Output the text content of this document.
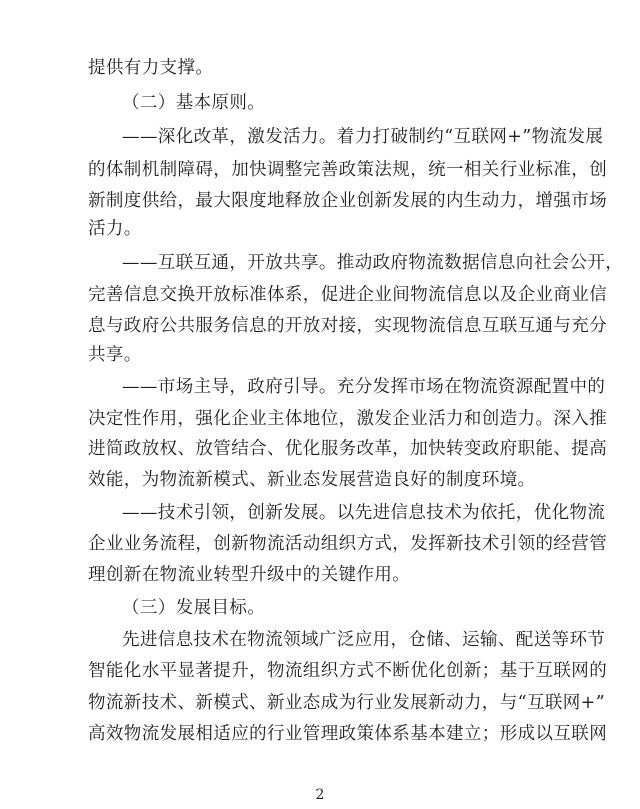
提供有力支撑。
（二）基本原则。
——深化改革，激发活力。着力打破制约“互联网+”物流发展
的体制机制障碍，加快调整完善政策法规，统一相关行业标准，创
新制度供给，最大限度地释放企业创新发展的内生动力，增强市场
活力。
——互联互通，开放共享。推动政府物流数据信息向社会公开，
完善信息交换开放标准体系，促进企业间物流信息以及企业商业信
息与政府公共服务信息的开放对接，实现物流信息互联互通与充分
共享。
——市场主导，政府引导。充分发挥市场在物流资源配置中的
决定性作用，强化企业主体地位，激发企业活力和创造力。深入推
进简政放权、放管结合、优化服务改革，加快转变政府职能、提高
效能，为物流新模式、新业态发展营造良好的制度环境。
——技术引领，创新发展。以先进信息技术为依托，优化物流
企业业务流程，创新物流活动组织方式，发挥新技术引领的经营管
理创新在物流业转型升级中的关键作用。
（三）发展目标。
先进信息技术在物流领域广泛应用，仓储、运输、配送等环节
智能化水平显著提升，物流组织方式不断优化创新；基于互联网的
物流新技术、新模式、新业态成为行业发展新动力，与“互联网+”
高效物流发展相适应的行业管理政策体系基本建立；形成以互联网
2
